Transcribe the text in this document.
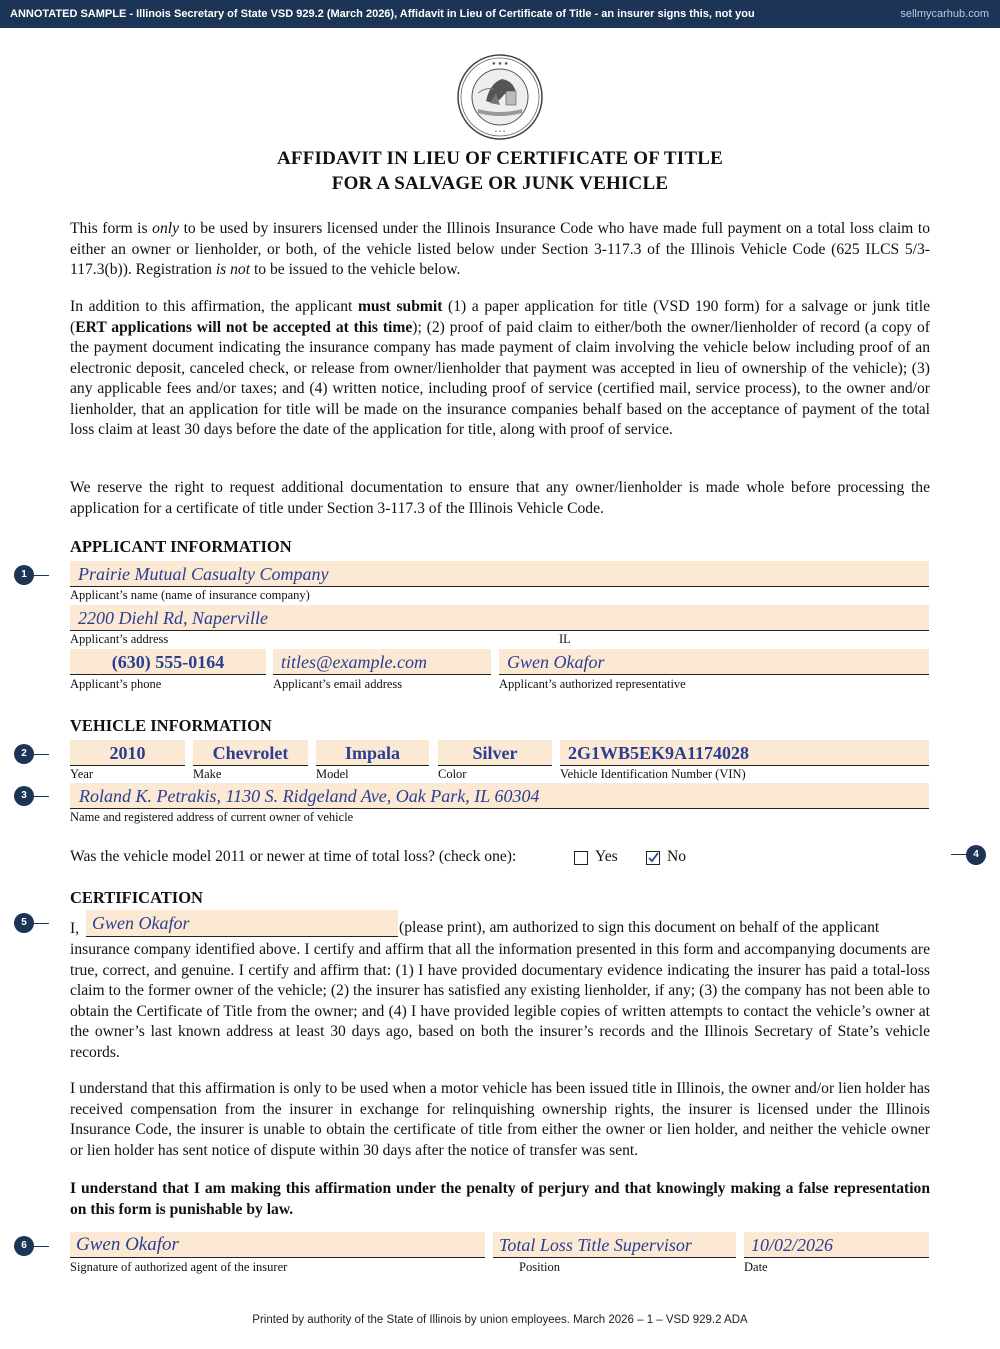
ANNOTATED SAMPLE - Illinois Secretary of State VSD 929.2 (March 2026), Affidavit in Lieu of Certificate of Title - an insurer signs this, not you	sellmycarhub.com
★ ★ ★
• • •
AFFIDAVIT IN LIEU OF CERTIFICATE OF TITLE
FOR A SALVAGE OR JUNK VEHICLE
This form is only to be used by insurers licensed under the Illinois Insurance Code who have made full payment on a total loss claim to either an owner or lienholder, or both, of the vehicle listed below under Section 3-117.3 of the Illinois Vehicle Code (625 ILCS 5/3-117.3(b)). Registration is not to be issued to the vehicle below.
In addition to this affirmation, the applicant must submit (1) a paper application for title (VSD 190 form) for a salvage or junk title (ERT applications will not be accepted at this time); (2) proof of paid claim to either/both the owner/lienholder of record (a copy of the payment document indicating the insurance company has made payment of claim involving the vehicle below including proof of an electronic deposit, canceled check, or release from owner/lienholder that payment was accepted in lieu of ownership of the vehicle); (3) any applicable fees and/or taxes; and (4) written notice, including proof of service (certified mail, service process), to the owner and/or lienholder, that an application for title will be made on the insurance companies behalf based on the acceptance of payment of the total loss claim at least 30 days before the date of the application for title, along with proof of service.
We reserve the right to request additional documentation to ensure that any owner/lienholder is made whole before processing the application for a certificate of title under Section 3-117.3 of the Illinois Vehicle Code.
APPLICANT INFORMATION
1	Prairie Mutual Casualty Company
Applicant’s name (name of insurance company)
2200 Diehl Rd, Naperville
Applicant’s address	IL
(630) 555-0164	titles@example.com	Gwen Okafor
Applicant’s phone	Applicant’s email address	Applicant’s authorized representative
VEHICLE INFORMATION
2	2010	Chevrolet	Impala	Silver	2G1WB5EK9A1174028
Year	Make	Model	Color	Vehicle Identification Number (VIN)
3	Roland K. Petrakis, 1130 S. Ridgeland Ave, Oak Park, IL 60304
Name and registered address of current owner of vehicle
Was the vehicle model 2011 or newer at time of total loss? (check one):	Yes	No	4
CERTIFICATION
5	I, Gwen Okafor	(please print), am authorized to sign this document on behalf of the applicant
insurance company identified above. I certify and affirm that all the information presented in this form and accompanying documents are true, correct, and genuine. I certify and affirm that: (1) I have provided documentary evidence indicating the insurer has paid a total-loss claim to the former owner of the vehicle; (2) the insurer has satisfied any existing lienholder, if any; (3) the company has not been able to obtain the Certificate of Title from the owner; and (4) I have provided legible copies of written attempts to contact the vehicle’s owner at the owner’s last known address at least 30 days ago, based on both the insurer’s records and the Illinois Secretary of State’s vehicle records.
I understand that this affirmation is only to be used when a motor vehicle has been issued title in Illinois, the owner and/or lien holder has received compensation from the insurer in exchange for relinquishing ownership rights, the insurer is licensed under the Illinois Insurance Code, the insurer is unable to obtain the certificate of title from either the owner or lien holder, and neither the vehicle owner or lien holder has sent notice of dispute within 30 days after the notice of transfer was sent.
I understand that I am making this affirmation under the penalty of perjury and that knowingly making a false representation on this form is punishable by law.
6	Gwen Okafor	Total Loss Title Supervisor	10/02/2026
Signature of authorized agent of the insurer	Position	Date
Printed by authority of the State of Illinois by union employees. March 2026 – 1 – VSD 929.2 ADA
